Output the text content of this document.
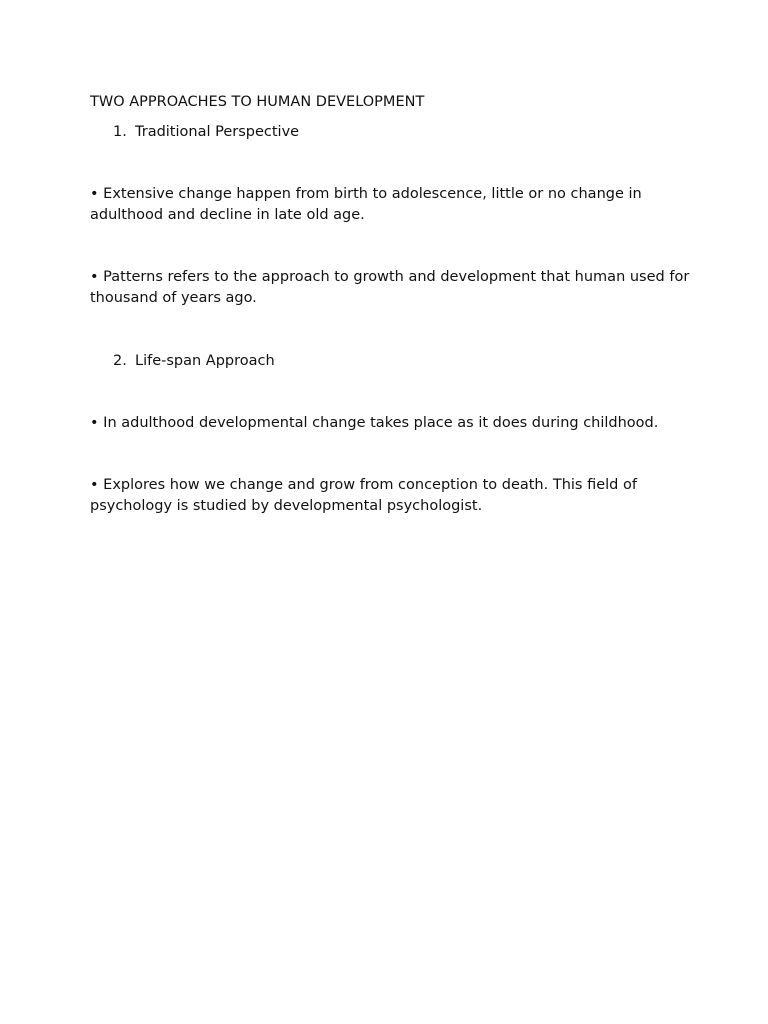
TWO APPROACHES TO HUMAN DEVELOPMENT
1. Traditional Perspective

• Extensive change happen from birth to adolescence, little or no change in adulthood and decline in late old age.

• Patterns refers to the approach to growth and development that human used for thousand of years ago.

2. Life-span Approach

• In adulthood developmental change takes place as it does during childhood.

• Explores how we change and grow from conception to death. This field of psychology is studied by developmental psychologist.
